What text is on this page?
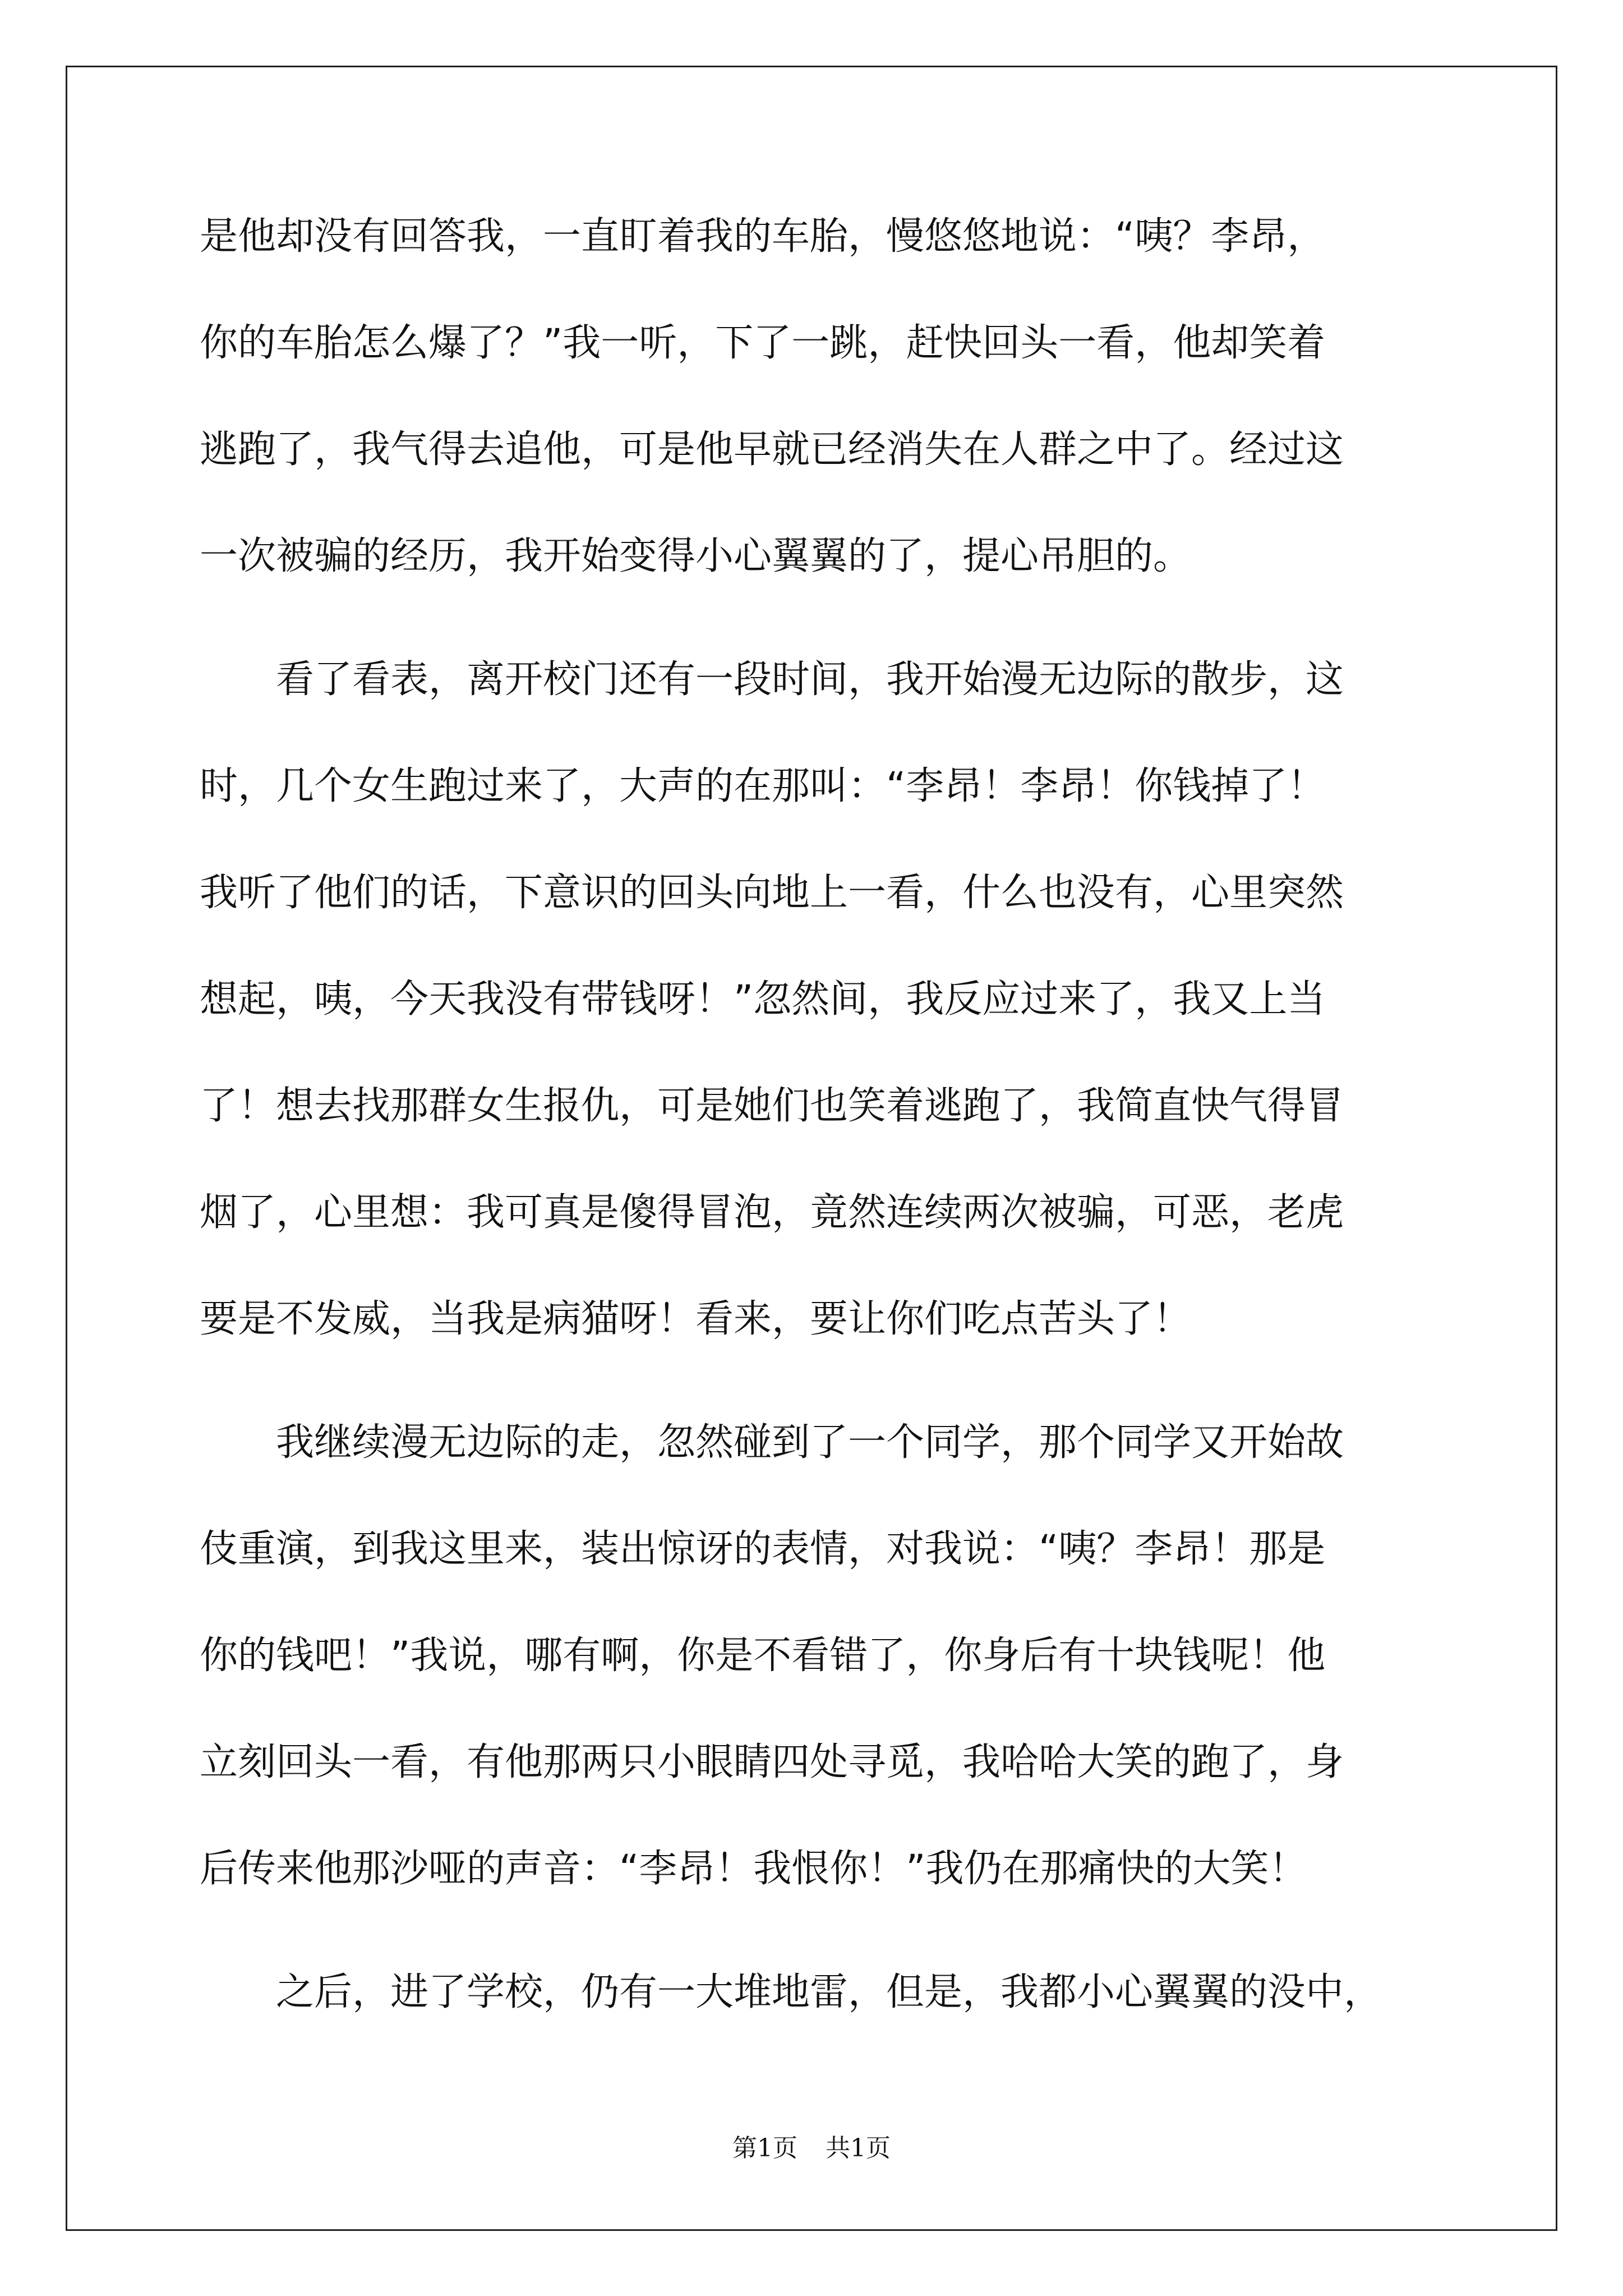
是他却没有回答我，一直盯着我的车胎，慢悠悠地说：“咦？李昂，
你的车胎怎么爆了？”我一听，下了一跳，赶快回头一看，他却笑着
逃跑了，我气得去追他，可是他早就已经消失在人群之中了。经过这
一次被骗的经历，我开始变得小心翼翼的了，提心吊胆的。
　　看了看表，离开校门还有一段时间，我开始漫无边际的散步，这
时，几个女生跑过来了，大声的在那叫：“李昂！李昂！你钱掉了！
我听了他们的话，下意识的回头向地上一看，什么也没有，心里突然
想起，咦，今天我没有带钱呀！”忽然间，我反应过来了，我又上当
了！想去找那群女生报仇，可是她们也笑着逃跑了，我简直快气得冒
烟了，心里想：我可真是傻得冒泡，竟然连续两次被骗，可恶，老虎
要是不发威，当我是病猫呀！看来，要让你们吃点苦头了！
　　我继续漫无边际的走，忽然碰到了一个同学，那个同学又开始故
伎重演，到我这里来，装出惊讶的表情，对我说：“咦？李昂！那是
你的钱吧！”我说，哪有啊，你是不看错了，你身后有十块钱呢！他
立刻回头一看，有他那两只小眼睛四处寻觅，我哈哈大笑的跑了，身
后传来他那沙哑的声音：“李昂！我恨你！”我仍在那痛快的大笑！
　　之后，进了学校，仍有一大堆地雷，但是，我都小心翼翼的没中，
第1页 共1页
